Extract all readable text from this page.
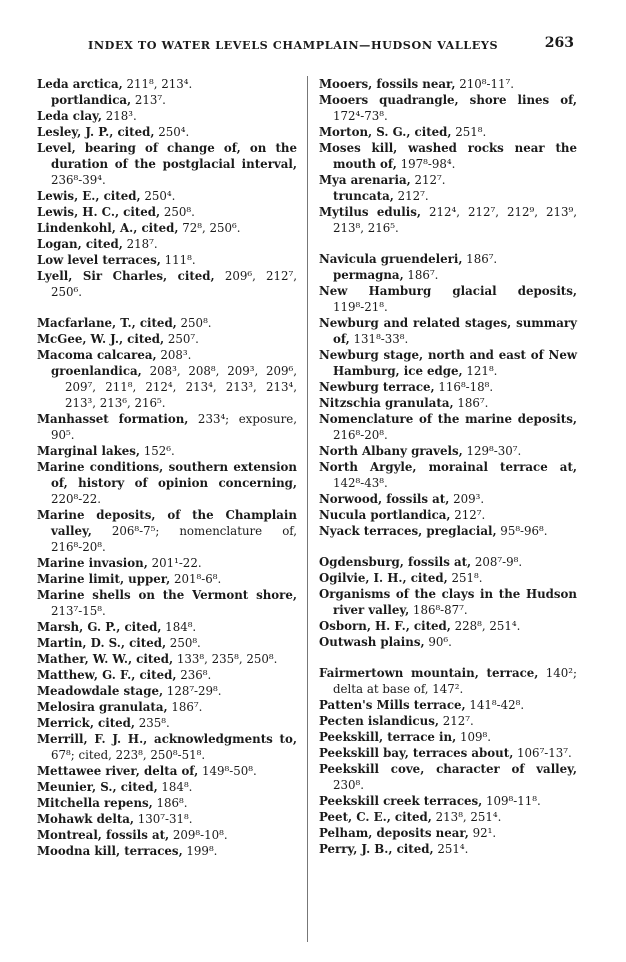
INDEX TO WATER LEVELS CHAMPLAIN—HUDSON VALLEYS	263

Leda arctica, 211⁸, 213⁴.

portlandica, 213⁷.

Leda clay, 218³.

Lesley, J. P., cited, 250⁴.

Level, bearing of change of, on the duration of the postglacial interval, 236⁸-39⁴.

Lewis, E., cited, 250⁴.

Lewis, H. C., cited, 250⁸.

Lindenkohl, A., cited, 72⁸, 250⁶.

Logan, cited, 218⁷.

Low level terraces, 111⁸.

Lyell, Sir Charles, cited, 209⁶, 212⁷, 250⁶.

Macfarlane, T., cited, 250⁸.

McGee, W. J., cited, 250⁷.

Macoma calcarea, 208³.

groenlandica, 208³, 208⁸, 209³, 209⁶, 209⁷, 211⁸, 212⁴, 213⁴, 213³, 213⁴, 213³, 213⁶, 216⁵.

Manhasset formation, 233⁴; exposure, 90⁵.

Marginal lakes, 152⁶.

Marine conditions, southern extension of, history of opinion concerning, 220⁸-22.

Marine deposits, of the Champlain valley, 206⁸-7⁵; nomenclature of, 216⁸-20⁸.

Marine invasion, 201¹-22.

Marine limit, upper, 201⁸-6⁸.

Marine shells on the Vermont shore, 213⁷-15⁸.

Marsh, G. P., cited, 184⁸.

Martin, D. S., cited, 250⁸.

Mather, W. W., cited, 133⁸, 235⁸, 250⁸.

Matthew, G. F., cited, 236⁸.

Meadowdale stage, 128⁷-29⁸.

Melosira granulata, 186⁷.

Merrick, cited, 235⁸.

Merrill, F. J. H., acknowledgments to, 67⁸; cited, 223⁸, 250⁸-51⁸.

Mettawee river, delta of, 149⁸-50⁸.

Meunier, S., cited, 184⁸.

Mitchella repens, 186⁸.

Mohawk delta, 130⁷-31⁸.

Montreal, fossils at, 209⁸-10⁸.

Moodna kill, terraces, 199⁸.

Mooers, fossils near, 210⁸-11⁷.

Mooers quadrangle, shore lines of, 172⁴-73⁸.

Morton, S. G., cited, 251⁸.

Moses kill, washed rocks near the mouth of, 197⁸-98⁴.

Mya arenaria, 212⁷.

truncata, 212⁷.

Mytilus edulis, 212⁴, 212⁷, 212⁹, 213⁹, 213⁸, 216⁵.

Navicula gruendeleri, 186⁷.

permagna, 186⁷.

New Hamburg glacial deposits, 119⁸-21⁸.

Newburg and related stages, summary of, 131⁸-33⁸.

Newburg stage, north and east of New Hamburg, ice edge, 121⁸.

Newburg terrace, 116⁸-18⁸.

Nitzschia granulata, 186⁷.

Nomenclature of the marine deposits, 216⁸-20⁸.

North Albany gravels, 129⁸-30⁷.

North Argyle, morainal terrace at, 142⁸-43⁸.

Norwood, fossils at, 209³.

Nucula portlandica, 212⁷.

Nyack terraces, preglacial, 95⁸-96⁸.

Ogdensburg, fossils at, 208⁷-9⁸.

Ogilvie, I. H., cited, 251⁸.

Organisms of the clays in the Hudson river valley, 186⁸-87⁷.

Osborn, H. F., cited, 228⁸, 251⁴.

Outwash plains, 90⁶.

Fairmertown mountain, terrace, 140²; delta at base of, 147².

Patten's Mills terrace, 141⁸-42⁸.

Pecten islandicus, 212⁷.

Peekskill, terrace in, 109⁸.

Peekskill bay, terraces about, 106⁷-13⁷.

Peekskill cove, character of valley, 230⁸.

Peekskill creek terraces, 109⁸-11⁸.

Peet, C. E., cited, 213⁸, 251⁴.

Pelham, deposits near, 92¹.

Perry, J. B., cited, 251⁴.
